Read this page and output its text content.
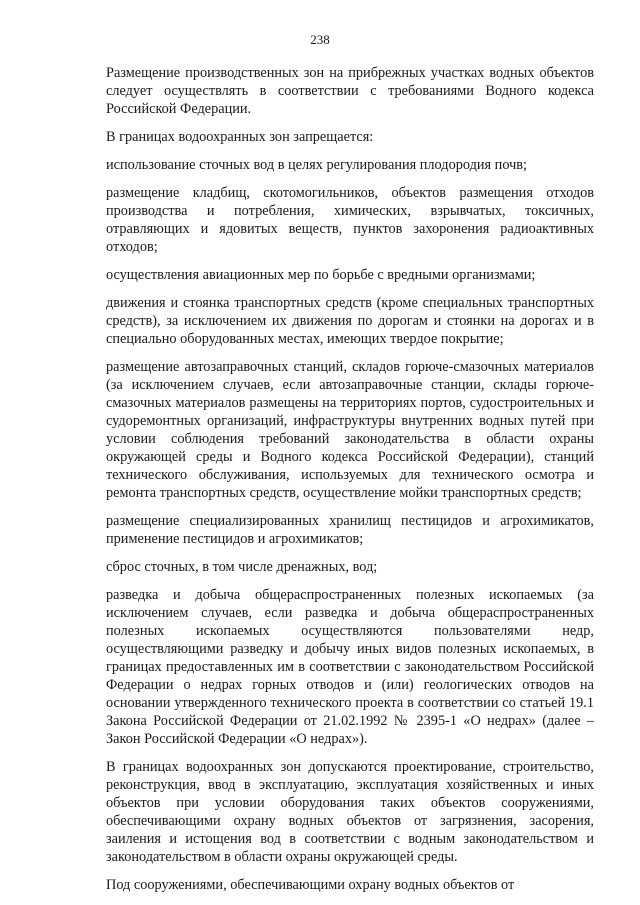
238

Размещение производственных зон на прибрежных участках водных объектов следует осуществлять в соответствии с требованиями Водного кодекса Российской Федерации.

В границах водоохранных зон запрещается:

использование сточных вод в целях регулирования плодородия почв;

размещение кладбищ, скотомогильников, объектов размещения отходов производства и потребления, химических, взрывчатых, токсичных, отравляющих и ядовитых веществ, пунктов захоронения радиоактивных отходов;

осуществления авиационных мер по борьбе с вредными организмами;

движения и стоянка транспортных средств (кроме специальных транспортных средств), за исключением их движения по дорогам и стоянки на дорогах и в специально оборудованных местах, имеющих твердое покрытие;

размещение автозаправочных станций, складов горюче-смазочных материалов (за исключением случаев, если автозаправочные станции, склады горюче-смазочных материалов размещены на территориях портов, судостроительных и судоремонтных организаций, инфраструктуры внутренних водных путей при условии соблюдения требований законодательства в области охраны окружающей среды и Водного кодекса Российской Федерации), станций технического обслуживания, используемых для технического осмотра и ремонта транспортных средств, осуществление мойки транспортных средств;

размещение специализированных хранилищ пестицидов и агрохимикатов, применение пестицидов и агрохимикатов;

сброс сточных, в том числе дренажных, вод;

разведка и добыча общераспространенных полезных ископаемых (за исключением случаев, если разведка и добыча общераспространенных полезных ископаемых осуществляются пользователями недр, осуществляющими разведку и добычу иных видов полезных ископаемых, в границах предоставленных им в соответствии с законодательством Российской Федерации о недрах горных отводов и (или) геологических отводов на основании утвержденного технического проекта в соответствии со статьей 19.1 Закона Российской Федерации от 21.02.1992 № 2395-1 «О недрах» (далее – Закон Российской Федерации «О недрах»).

В границах водоохранных зон допускаются проектирование, строительство, реконструкция, ввод в эксплуатацию, эксплуатация хозяйственных и иных объектов при условии оборудования таких объектов сооружениями, обеспечивающими охрану водных объектов от загрязнения, засорения, заиления и истощения вод в соответствии с водным законодательством и законодательством в области охраны окружающей среды.

Под сооружениями, обеспечивающими охрану водных объектов от
